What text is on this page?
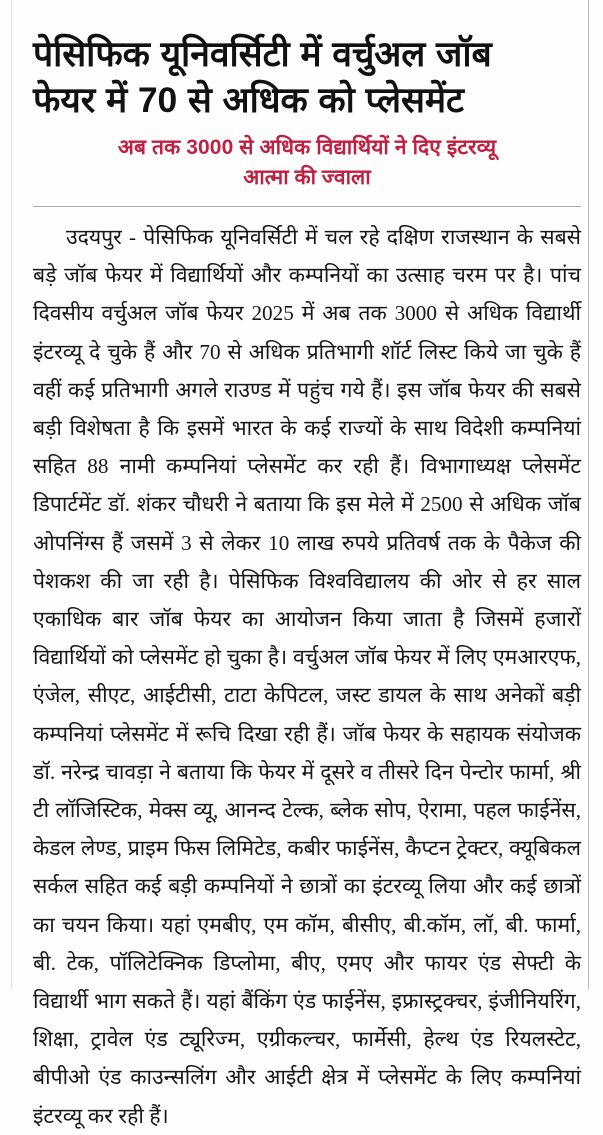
पेसिफिक यूनिवर्सिटी में वर्चुअल जॉब
फेयर में 70 से अधिक को प्लेसमेंट
अब तक 3000 से अधिक विद्यार्थियों ने दिए इंटरव्यू
आत्मा की ज्वाला

उदयपुर - पेसिफिक यूनिवर्सिटी में चल रहे दक्षिण राजस्थान के सबसे बड़े जॉब फेयर में विद्यार्थियों और कम्पनियों का उत्साह चरम पर है। पांच दिवसीय वर्चुअल जॉब फेयर 2025 में अब तक 3000 से अधिक विद्यार्थी इंटरव्यू दे चुके हैं और 70 से अधिक प्रतिभागी शॉर्ट लिस्ट किये जा चुके हैं वहीं कई प्रतिभागी अगले राउण्ड में पहुंच गये हैं। इस जॉब फेयर की सबसे बड़ी विशेषता है कि इसमें भारत के कई राज्यों के साथ विदेशी कम्पनियां सहित 88 नामी कम्पनियां प्लेसमेंट कर रही हैं। विभागाध्यक्ष प्लेसमेंट डिपार्टमेंट डॉ. शंकर चौधरी ने बताया कि इस मेले में 2500 से अधिक जॉब ओपनिंग्स हैं जसमें 3 से लेकर 10 लाख रुपये प्रतिवर्ष तक के पैकेज की पेशकश की जा रही है। पेसिफिक विश्वविद्यालय की ओर से हर साल एकाधिक बार जॉब फेयर का आयोजन किया जाता है जिसमें हजारों विद्यार्थियों को प्लेसमेंट हो चुका है। वर्चुअल जॉब फेयर में लिए एमआरएफ, एंजेल, सीएट, आईटीसी, टाटा केपिटल, जस्ट डायल के साथ अनेकों बड़ी कम्पनियां प्लेसमेंट में रूचि दिखा रही हैं। जॉब फेयर के सहायक संयोजक डॉ. नरेन्द्र चावड़ा ने बताया कि फेयर में दूसरे व तीसरे दिन पेन्टोर फार्मा, श्री टी लॉजिस्टिक, मेक्स व्यू, आनन्द टेल्क, ब्लेक सोप, ऐरामा, पहल फाईनेंस, केडल लेण्ड, प्राइम फिस लिमिटेड, कबीर फाईनेंस, कैप्टन ट्रेक्टर, क्यूबिकल सर्कल सहित कई बड़ी कम्पनियों ने छात्रों का इंटरव्यू लिया और कई छात्रों का चयन किया। यहां एमबीए, एम कॉम, बीसीए, बी.कॉम, लॉ, बी. फार्मा, बी. टेक, पॉलिटेक्निक डिप्लोमा, बीए, एमए और फायर एंड सेफ्टी के विद्यार्थी भाग सकते हैं। यहां बैंकिंग एंड फाईनेंस, इफ्रास्ट्रक्चर, इंजीनियरिंग, शिक्षा, ट्रावेल एंड ट्यूरिज्म, एग्रीकल्चर, फार्मेसी, हेल्थ एंड रियलस्टेट, बीपीओ एंड काउन्सलिंग और आईटी क्षेत्र में प्लेसमेंट के लिए कम्पनियां इंटरव्यू कर रही हैं।
